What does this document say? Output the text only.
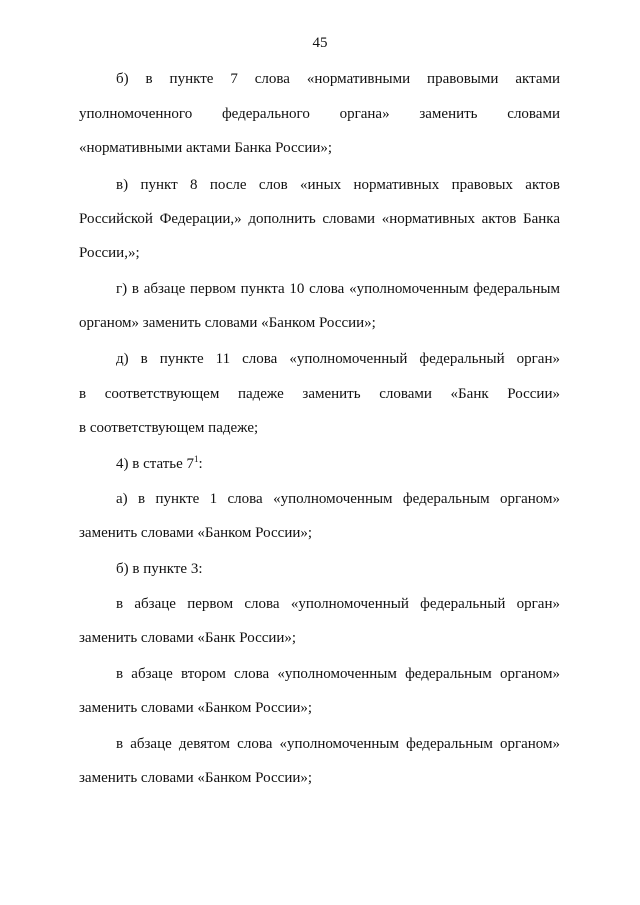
45
б) в пункте 7 слова «нормативными правовыми актами
уполномоченного федерального органа» заменить словами
«нормативными актами Банка России»;
в) пункт 8 после слов «иных нормативных правовых актов
Российской Федерации,» дополнить словами «нормативных актов Банка
России,»;
г) в абзаце первом пункта 10 слова «уполномоченным федеральным
органом» заменить словами «Банком России»;
д) в пункте 11 слова «уполномоченный федеральный орган»
в соответствующем падеже заменить словами «Банк России»
в соответствующем падеже;
4) в статье $7^1$:
а) в пункте 1 слова «уполномоченным федеральным органом»
заменить словами «Банком России»;
б) в пункте 3:
в абзаце первом слова «уполномоченный федеральный орган»
заменить словами «Банк России»;
в абзаце втором слова «уполномоченным федеральным органом»
заменить словами «Банком России»;
в абзаце девятом слова «уполномоченным федеральным органом»
заменить словами «Банком России»;
